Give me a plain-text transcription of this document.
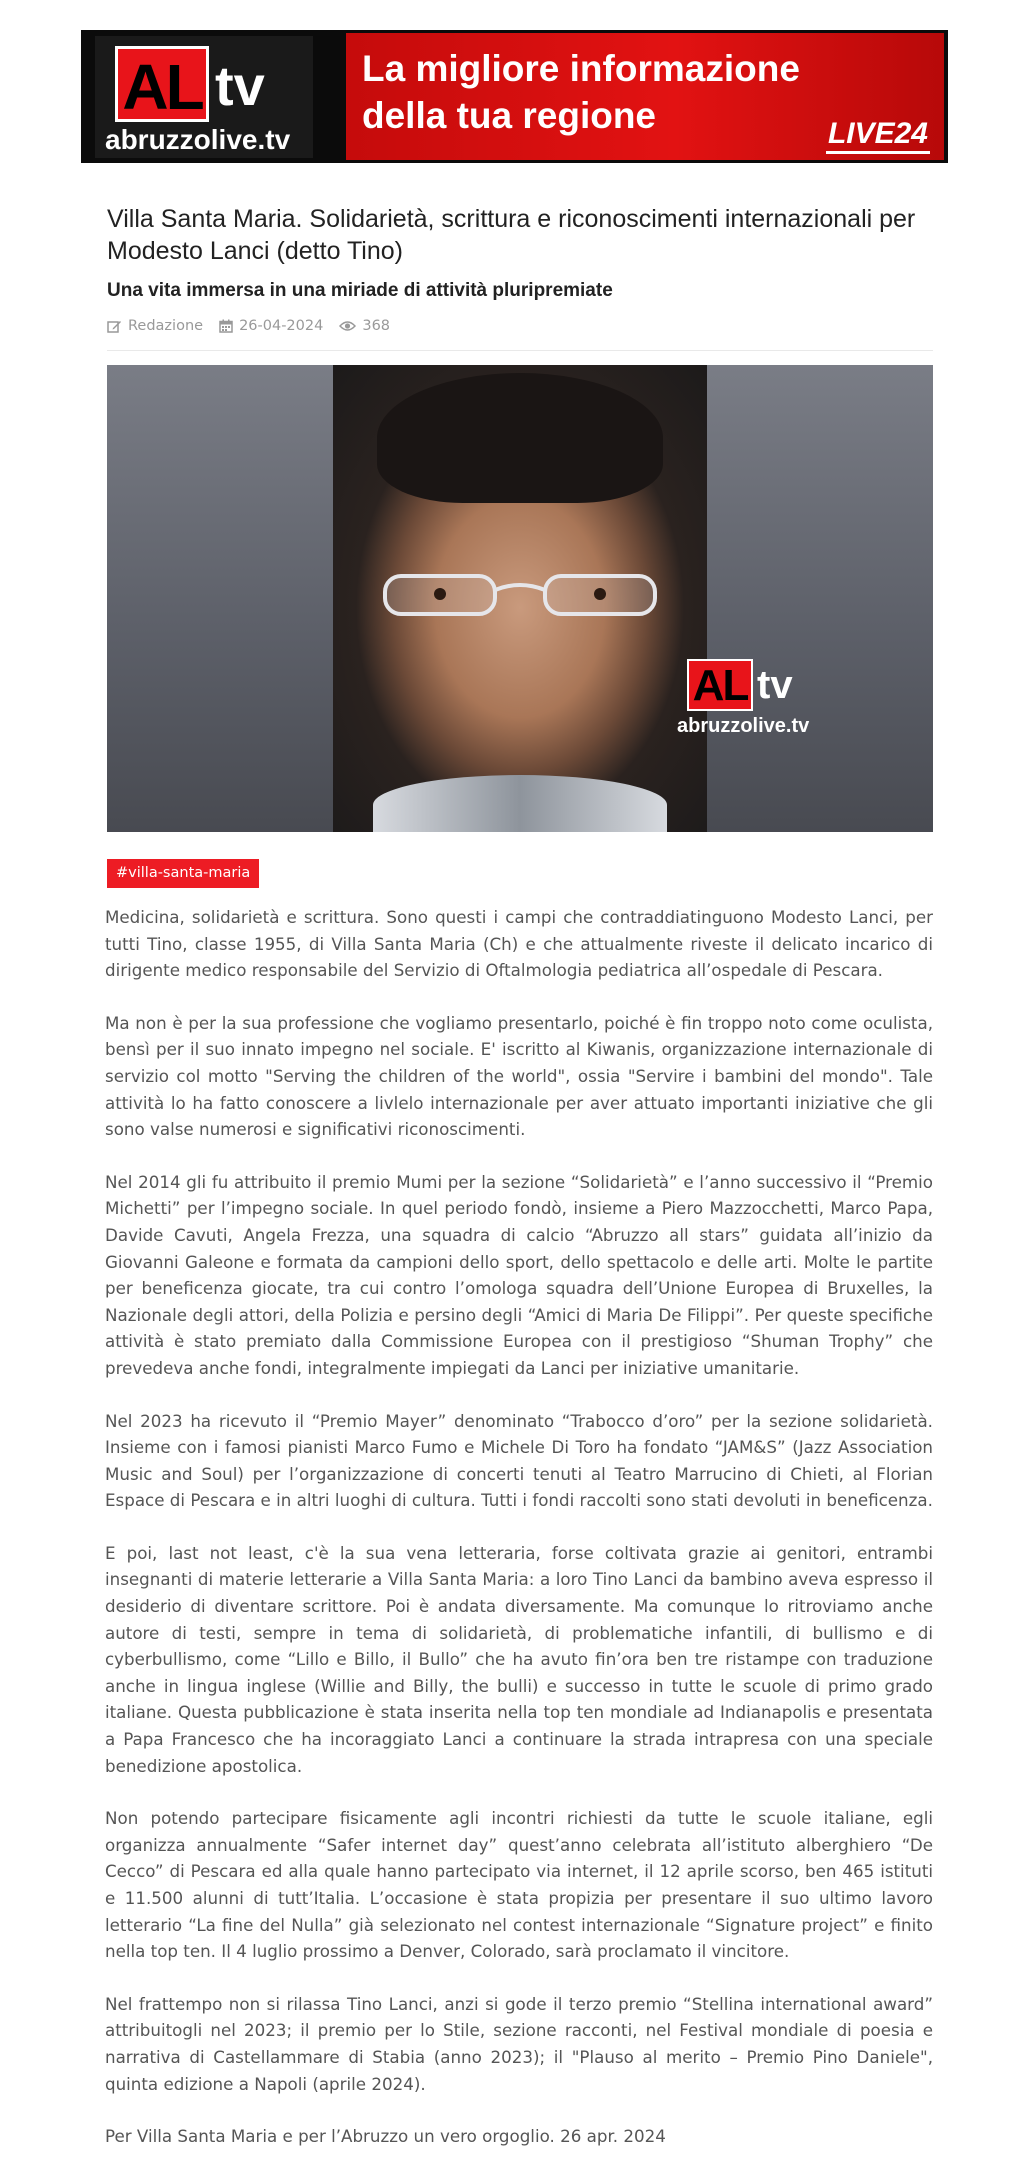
AL tv
abruzzolive.tv
La migliore informazione
della tua regione	LIVE24
Villa Santa Maria. Solidarietà, scrittura e riconoscimenti internazionali per Modesto Lanci (detto Tino)
Una vita immersa in una miriade di attività pluripremiate
Redazione 26-04-2024	368
AL tv
abruzzolive.tv
#villa-santa-maria

Medicina, solidarietà e scrittura. Sono questi i campi che contraddiatinguono Modesto Lanci, per tutti Tino, classe 1955, di Villa Santa Maria (Ch) e che attualmente riveste il delicato incarico di dirigente medico responsabile del Servizio di Oftalmologia pediatrica all’ospedale di Pescara.

Ma non è per la sua professione che vogliamo presentarlo, poiché è fin troppo noto come oculista, bensì per il suo innato impegno nel sociale. E' iscritto al Kiwanis, organizzazione internazionale di servizio col motto "Serving the children of the world", ossia "Servire i bambini del mondo". Tale attività lo ha fatto conoscere a livlelo internazionale per aver attuato importanti iniziative che gli sono valse numerosi e significativi riconoscimenti.

Nel 2014 gli fu attribuito il premio Mumi per la sezione “Solidarietà” e l’anno successivo il “Premio Michetti” per l’impegno sociale. In quel periodo fondò, insieme a Piero Mazzocchetti, Marco Papa, Davide Cavuti, Angela Frezza, una squadra di calcio “Abruzzo all stars” guidata all’inizio da Giovanni Galeone e formata da campioni dello sport, dello spettacolo e delle arti. Molte le partite per beneficenza giocate, tra cui contro l’omologa squadra dell’Unione Europea di Bruxelles, la Nazionale degli attori, della Polizia e persino degli “Amici di Maria De Filippi”. Per queste specifiche attività è stato premiato dalla Commissione Europea con il prestigioso “Shuman Trophy” che prevedeva anche fondi, integralmente impiegati da Lanci per iniziative umanitarie.

Nel 2023 ha ricevuto il “Premio Mayer” denominato “Trabocco d’oro” per la sezione solidarietà. Insieme con i famosi pianisti Marco Fumo e Michele Di Toro ha fondato “JAM&S” (Jazz Association Music and Soul) per l’organizzazione di concerti tenuti al Teatro Marrucino di Chieti, al Florian Espace di Pescara e in altri luoghi di cultura. Tutti i fondi raccolti sono stati devoluti in beneficenza.

E poi, last not least, c'è la sua vena letteraria, forse coltivata grazie ai genitori, entrambi insegnanti di materie letterarie a Villa Santa Maria: a loro Tino Lanci da bambino aveva espresso il desiderio di diventare scrittore. Poi è andata diversamente. Ma comunque lo ritroviamo anche autore di testi, sempre in tema di solidarietà, di problematiche infantili, di bullismo e di cyberbullismo, come “Lillo e Billo, il Bullo” che ha avuto fin’ora ben tre ristampe con traduzione anche in lingua inglese (Willie and Billy, the bulli) e successo in tutte le scuole di primo grado italiane. Questa pubblicazione è stata inserita nella top ten mondiale ad Indianapolis e presentata a Papa Francesco che ha incoraggiato Lanci a continuare la strada intrapresa con una speciale benedizione apostolica.

Non potendo partecipare fisicamente agli incontri richiesti da tutte le scuole italiane, egli organizza annualmente “Safer internet day” quest’anno celebrata all’istituto alberghiero “De Cecco” di Pescara ed alla quale hanno partecipato via internet, il 12 aprile scorso, ben 465 istituti e 11.500 alunni di tutt’Italia. L’occasione è stata propizia per presentare il suo ultimo lavoro letterario “La fine del Nulla” già selezionato nel contest internazionale “Signature project” e finito nella top ten. Il 4 luglio prossimo a Denver, Colorado, sarà proclamato il vincitore.

Nel frattempo non si rilassa Tino Lanci, anzi si gode il terzo premio “Stellina international award” attribuitogli nel 2023; il premio per lo Stile, sezione racconti, nel Festival mondiale di poesia e narrativa di Castellammare di Stabia (anno 2023); il "Plauso al merito – Premio Pino Daniele", quinta edizione a Napoli (aprile 2024).

Per Villa Santa Maria e per l’Abruzzo un vero orgoglio. 26 apr. 2024
